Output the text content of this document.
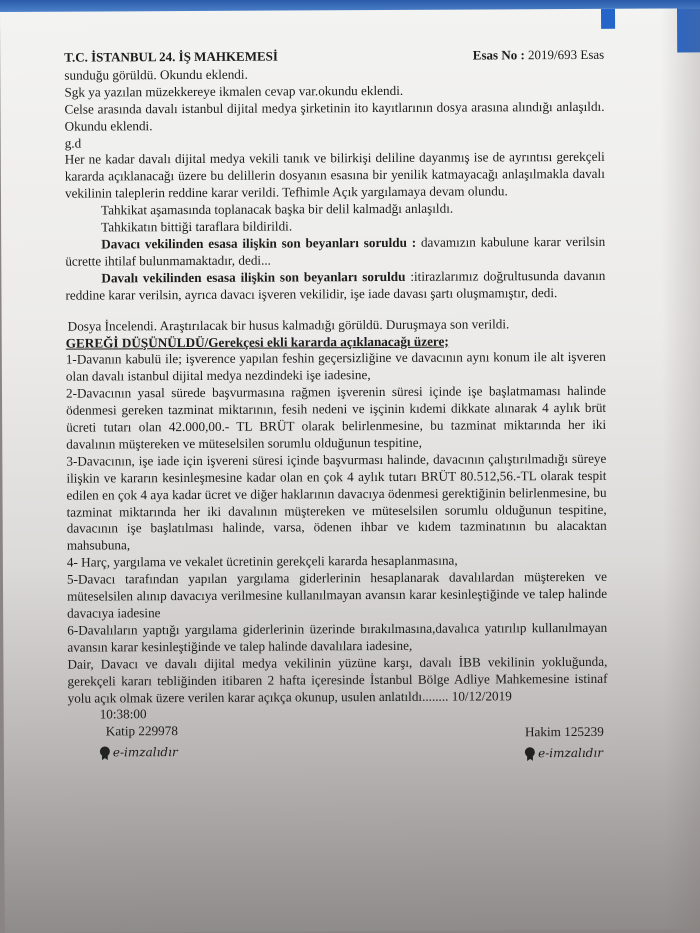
T.C. İSTANBUL 24. İŞ MAHKEMESİ	Esas No : 2019/693 Esas

sunduğu görüldü. Okundu eklendi.

Sgk ya yazılan müzekkereye ikmalen cevap var.okundu eklendi.

Celse arasında davalı istanbul dijital medya şirketinin ito kayıtlarının dosya arasına alındığı anlaşıldı. Okundu eklendi.

g.d

Her ne kadar davalı dijital medya vekili tanık ve bilirkişi deliline dayanmış ise de ayrıntısı gerekçeli kararda açıklanacağı üzere bu delillerin dosyanın esasına bir yenilik katmayacağı anlaşılmakla davalı vekilinin taleplerin reddine karar verildi. Tefhimle Açık yargılamaya devam olundu.

Tahkikat aşamasında toplanacak başka bir delil kalmadğı anlaşıldı.

Tahkikatın bittiği taraflara bildirildi.

Davacı vekilinden esasa ilişkin son beyanları soruldu : davamızın kabulune karar verilsin ücrette ihtilaf bulunmamaktadır, dedi...

Davalı vekilinden esasa ilişkin son beyanları soruldu :itirazlarımız doğrultusunda davanın reddine karar verilsin, ayrıca davacı işveren vekilidir, işe iade davası şartı oluşmamıştır, dedi.

Dosya İncelendi. Araştırılacak bir husus kalmadığı görüldü. Duruşmaya son verildi.

GEREĞİ DÜŞÜNÜLDÜ/Gerekçesi ekli kararda açıklanacağı üzere;

1-Davanın kabulü ile; işverence yapılan feshin geçersizliğine ve davacının aynı konum ile alt işveren olan davalı istanbul dijital medya nezdindeki işe iadesine,

2-Davacının yasal sürede başvurmasına rağmen işverenin süresi içinde işe başlatmaması halinde ödenmesi gereken tazminat miktarının, fesih nedeni ve işçinin kıdemi dikkate alınarak 4 aylık brüt ücreti tutarı olan 42.000,00.- TL BRÜT olarak belirlenmesine, bu tazminat miktarında her iki davalının müştereken ve müteselsilen sorumlu olduğunun tespitine,

3-Davacının, işe iade için işvereni süresi içinde başvurması halinde, davacının çalıştırılmadığı süreye ilişkin ve kararın kesinleşmesine kadar olan en çok 4 aylık tutarı BRÜT 80.512,56.-TL olarak tespit edilen en çok 4 aya kadar ücret ve diğer haklarının davacıya ödenmesi gerektiğinin belirlenmesine, bu tazminat miktarında her iki davalının müştereken ve müteselsilen sorumlu olduğunun tespitine, davacının işe başlatılması halinde, varsa, ödenen ihbar ve kıdem tazminatının bu alacaktan mahsubuna,

4- Harç, yargılama ve vekalet ücretinin gerekçeli kararda hesaplanmasına,

5-Davacı tarafından yapılan yargılama giderlerinin hesaplanarak davalılardan müştereken ve müteselsilen alınıp davacıya verilmesine kullanılmayan avansın karar kesinleştiğinde ve talep halinde davacıya iadesine

6-Davalıların yaptığı yargılama giderlerinin üzerinde bırakılmasına,davalıca yatırılıp kullanılmayan avansın karar kesinleştiğinde ve talep halinde davalılara iadesine,

Dair, Davacı ve davalı dijital medya vekilinin yüzüne karşı, davalı İBB vekilinin yokluğunda, gerekçeli kararı tebliğinden itibaren 2 hafta içeresinde İstanbul Bölge Adliye Mahkemesine istinaf yolu açık olmak üzere verilen karar açıkça okunup, usulen anlatıldı........ 10/12/2019

10:38:00
Katip 229978
e-imzalıdır
Hakim 125239
e-imzalıdır
